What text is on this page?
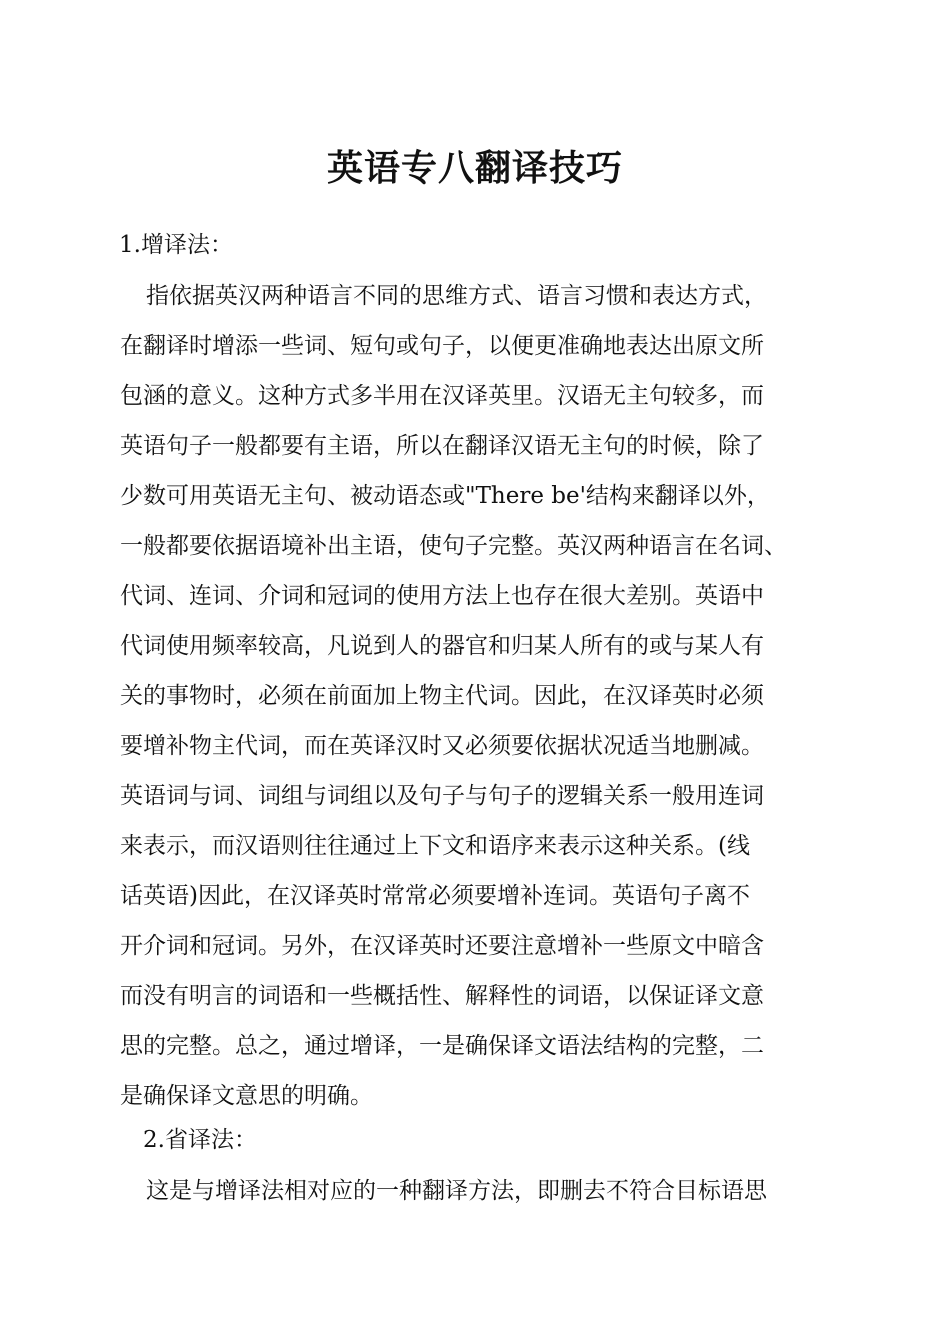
英语专八翻译技巧
1.增译法：
指依据英汉两种语言不同的思维方式、语言习惯和表达方式，
在翻译时增添一些词、短句或句子，以便更准确地表达出原文所
包涵的意义。这种方式多半用在汉译英里。汉语无主句较多，而
英语句子一般都要有主语，所以在翻译汉语无主句的时候，除了
少数可用英语无主句、被动语态或"There be'结构来翻译以外，
一般都要依据语境补出主语，使句子完整。英汉两种语言在名词、
代词、连词、介词和冠词的使用方法上也存在很大差别。英语中
代词使用频率较高，凡说到人的器官和归某人所有的或与某人有
关的事物时，必须在前面加上物主代词。因此，在汉译英时必须
要增补物主代词，而在英译汉时又必须要依据状况适当地删减。
英语词与词、词组与词组以及句子与句子的逻辑关系一般用连词
来表示，而汉语则往往通过上下文和语序来表示这种关系。(线
话英语)因此，在汉译英时常常必须要增补连词。英语句子离不
开介词和冠词。另外，在汉译英时还要注意增补一些原文中暗含
而没有明言的词语和一些概括性、解释性的词语，以保证译文意
思的完整。总之，通过增译，一是确保译文语法结构的完整，二
是确保译文意思的明确。
2.省译法：
这是与增译法相对应的一种翻译方法，即删去不符合目标语思
